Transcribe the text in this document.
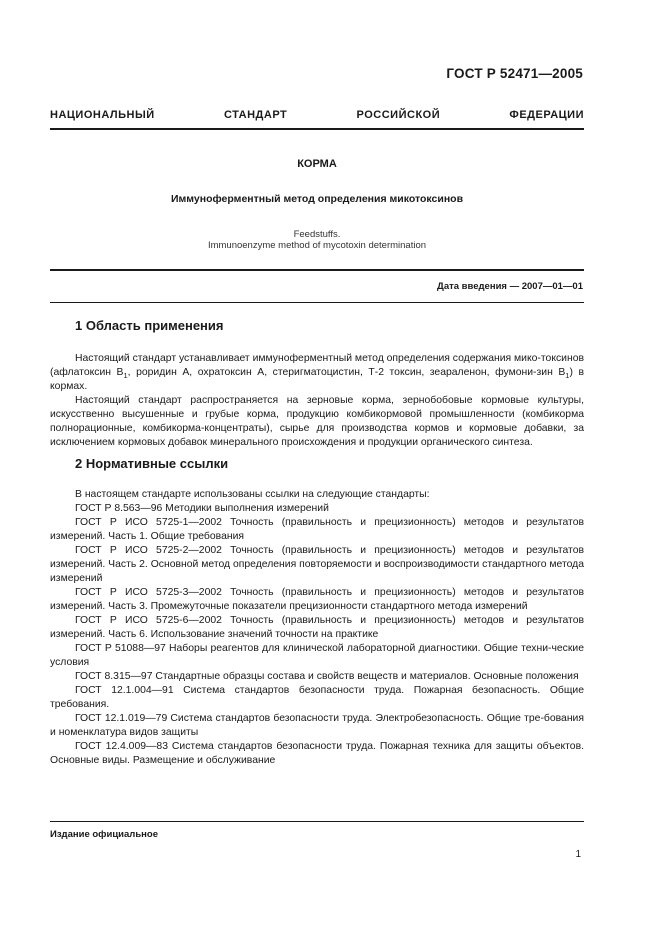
ГОСТ Р 52471—2005
НАЦИОНАЛЬНЫЙ СТАНДАРТ РОССИЙСКОЙ ФЕДЕРАЦИИ
КОРМА
Иммуноферментный метод определения микотоксинов
Feedstuffs.
Immunoenzyme method of mycotoxin determination
Дата введения — 2007—01—01
1 Область применения

Настоящий стандарт устанавливает иммуноферментный метод определения содержания мико-токсинов (афлатоксин $В_1$, роридин А, охратоксин А, стеригматоцистин, Т-2 токсин, зеараленон, фумони-зин $В_1$) в кормах.

Настоящий стандарт распространяется на зерновые корма, зернобобовые кормовые культуры, искусственно высушенные и грубые корма, продукцию комбикормовой промышленности (комбикорма полнорационные, комбикорма-концентраты), сырье для производства кормов и кормовые добавки, за исключением кормовых добавок минерального происхождения и продукции органического синтеза.

2 Нормативные ссылки

В настоящем стандарте использованы ссылки на следующие стандарты:

ГОСТ Р 8.563—96 Методики выполнения измерений

ГОСТ Р ИСО 5725-1—2002 Точность (правильность и прецизионность) методов и результатов измерений. Часть 1. Общие требования

ГОСТ Р ИСО 5725-2—2002 Точность (правильность и прецизионность) методов и результатов измерений. Часть 2. Основной метод определения повторяемости и воспроизводимости стандартного метода измерений

ГОСТ Р ИСО 5725-3—2002 Точность (правильность и прецизионность) методов и результатов измерений. Часть 3. Промежуточные показатели прецизионности стандартного метода измерений

ГОСТ Р ИСО 5725-6—2002 Точность (правильность и прецизионность) методов и результатов измерений. Часть 6. Использование значений точности на практике

ГОСТ Р 51088—97 Наборы реагентов для клинической лабораторной диагностики. Общие техни-ческие условия

ГОСТ 8.315—97 Стандартные образцы состава и свойств веществ и материалов. Основные положения

ГОСТ 12.1.004—91 Система стандартов безопасности труда. Пожарная безопасность. Общие требования.

ГОСТ 12.1.019—79 Система стандартов безопасности труда. Электробезопасность. Общие тре-бования и номенклатура видов защиты

ГОСТ 12.4.009—83 Система стандартов безопасности труда. Пожарная техника для защиты объектов. Основные виды. Размещение и обслуживание

Издание официальное
1
